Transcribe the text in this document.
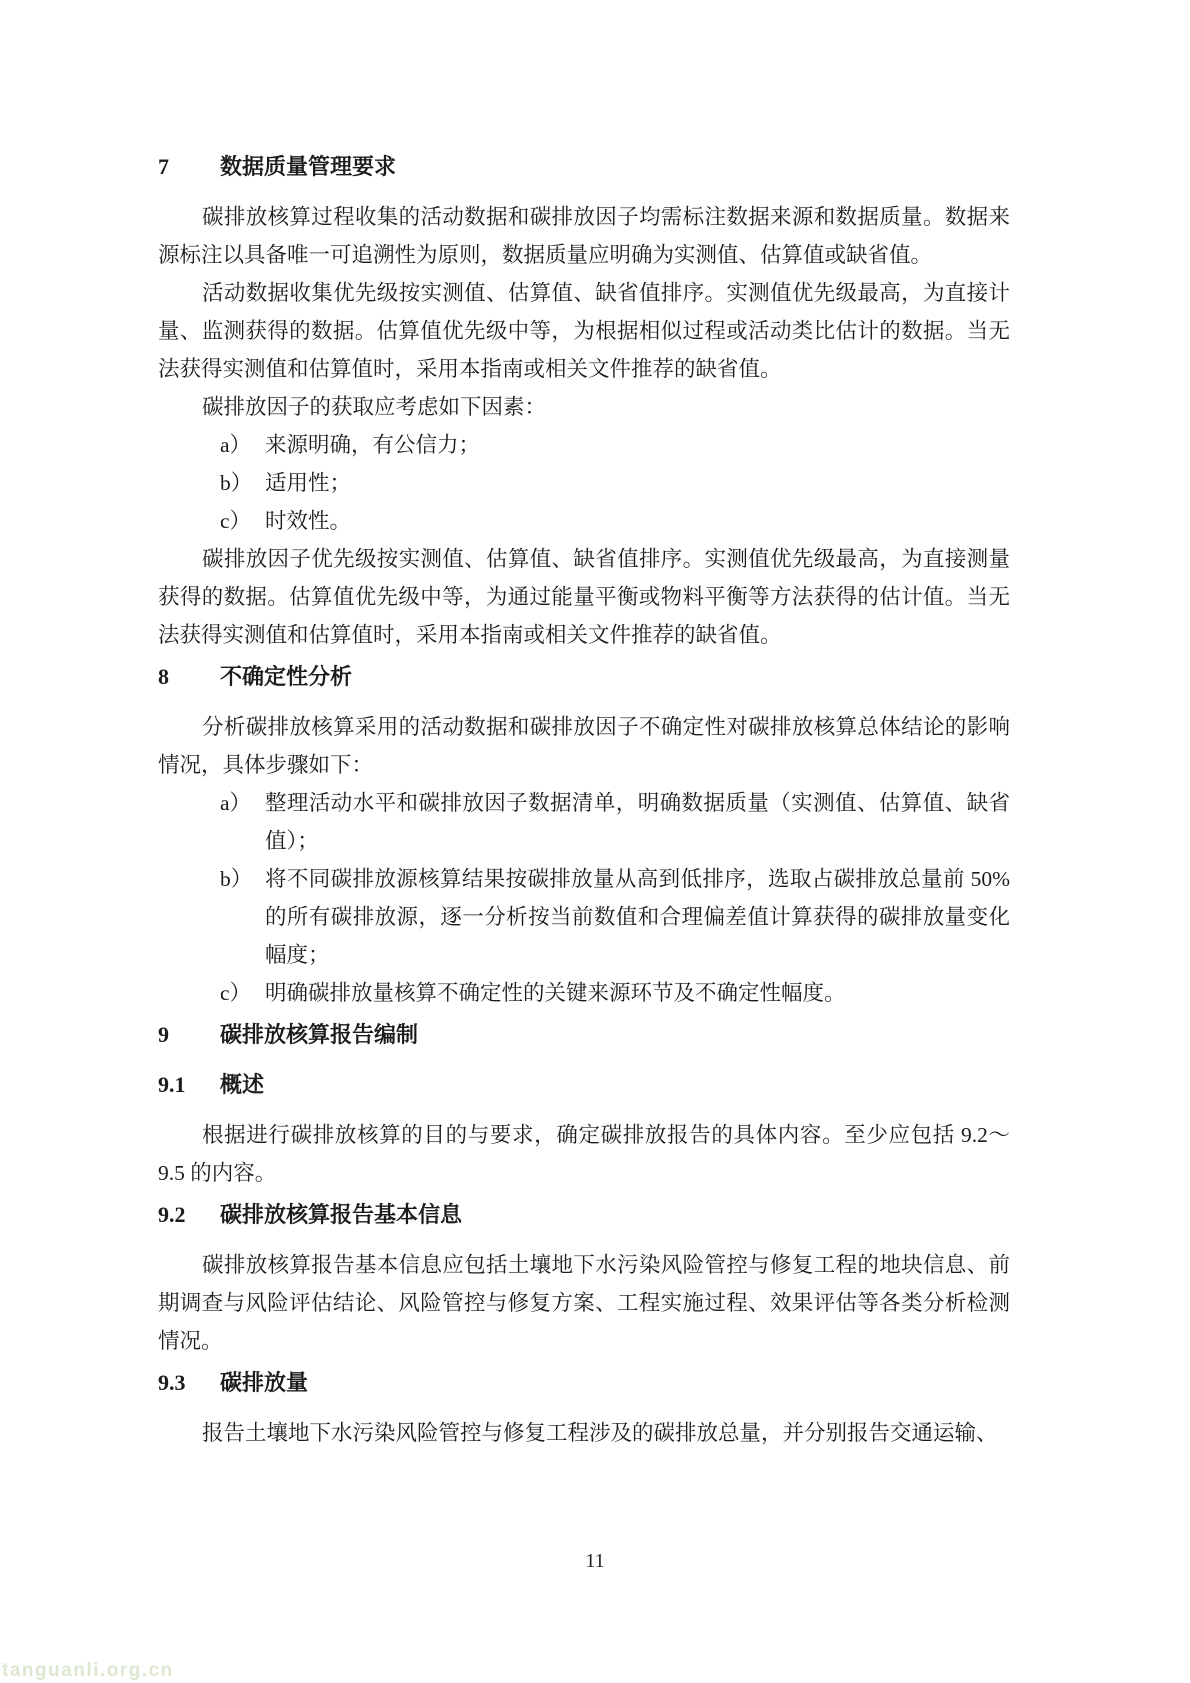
7	数据质量管理要求

碳排放核算过程收集的活动数据和碳排放因子均需标注数据来源和数据质量。数据来源标注以具备唯一可追溯性为原则，数据质量应明确为实测值、估算值或缺省值。

活动数据收集优先级按实测值、估算值、缺省值排序。实测值优先级最高，为直接计量、监测获得的数据。估算值优先级中等，为根据相似过程或活动类比估计的数据。当无法获得实测值和估算值时，采用本指南或相关文件推荐的缺省值。

碳排放因子的获取应考虑如下因素：

a） 来源明确，有公信力；
b） 适用性；
c） 时效性。

碳排放因子优先级按实测值、估算值、缺省值排序。实测值优先级最高，为直接测量获得的数据。估算值优先级中等，为通过能量平衡或物料平衡等方法获得的估计值。当无法获得实测值和估算值时，采用本指南或相关文件推荐的缺省值。

8	不确定性分析

分析碳排放核算采用的活动数据和碳排放因子不确定性对碳排放核算总体结论的影响情况，具体步骤如下：

a） 整理活动水平和碳排放因子数据清单，明确数据质量（实测值、估算值、缺省值）；
b） 将不同碳排放源核算结果按碳排放量从高到低排序，选取占碳排放总量前 50%的所有碳排放源，逐一分析按当前数值和合理偏差值计算获得的碳排放量变化幅度；
c） 明确碳排放量核算不确定性的关键来源环节及不确定性幅度。
9	碳排放核算报告编制
9.1	概述

根据进行碳排放核算的目的与要求，确定碳排放报告的具体内容。至少应包括 9.2～9.5 的内容。

9.2	碳排放核算报告基本信息

碳排放核算报告基本信息应包括土壤地下水污染风险管控与修复工程的地块信息、前期调查与风险评估结论、风险管控与修复方案、工程实施过程、效果评估等各类分析检测情况。

9.3	碳排放量

报告土壤地下水污染风险管控与修复工程涉及的碳排放总量，并分别报告交通运输、

11
tanguanli.org.cn
